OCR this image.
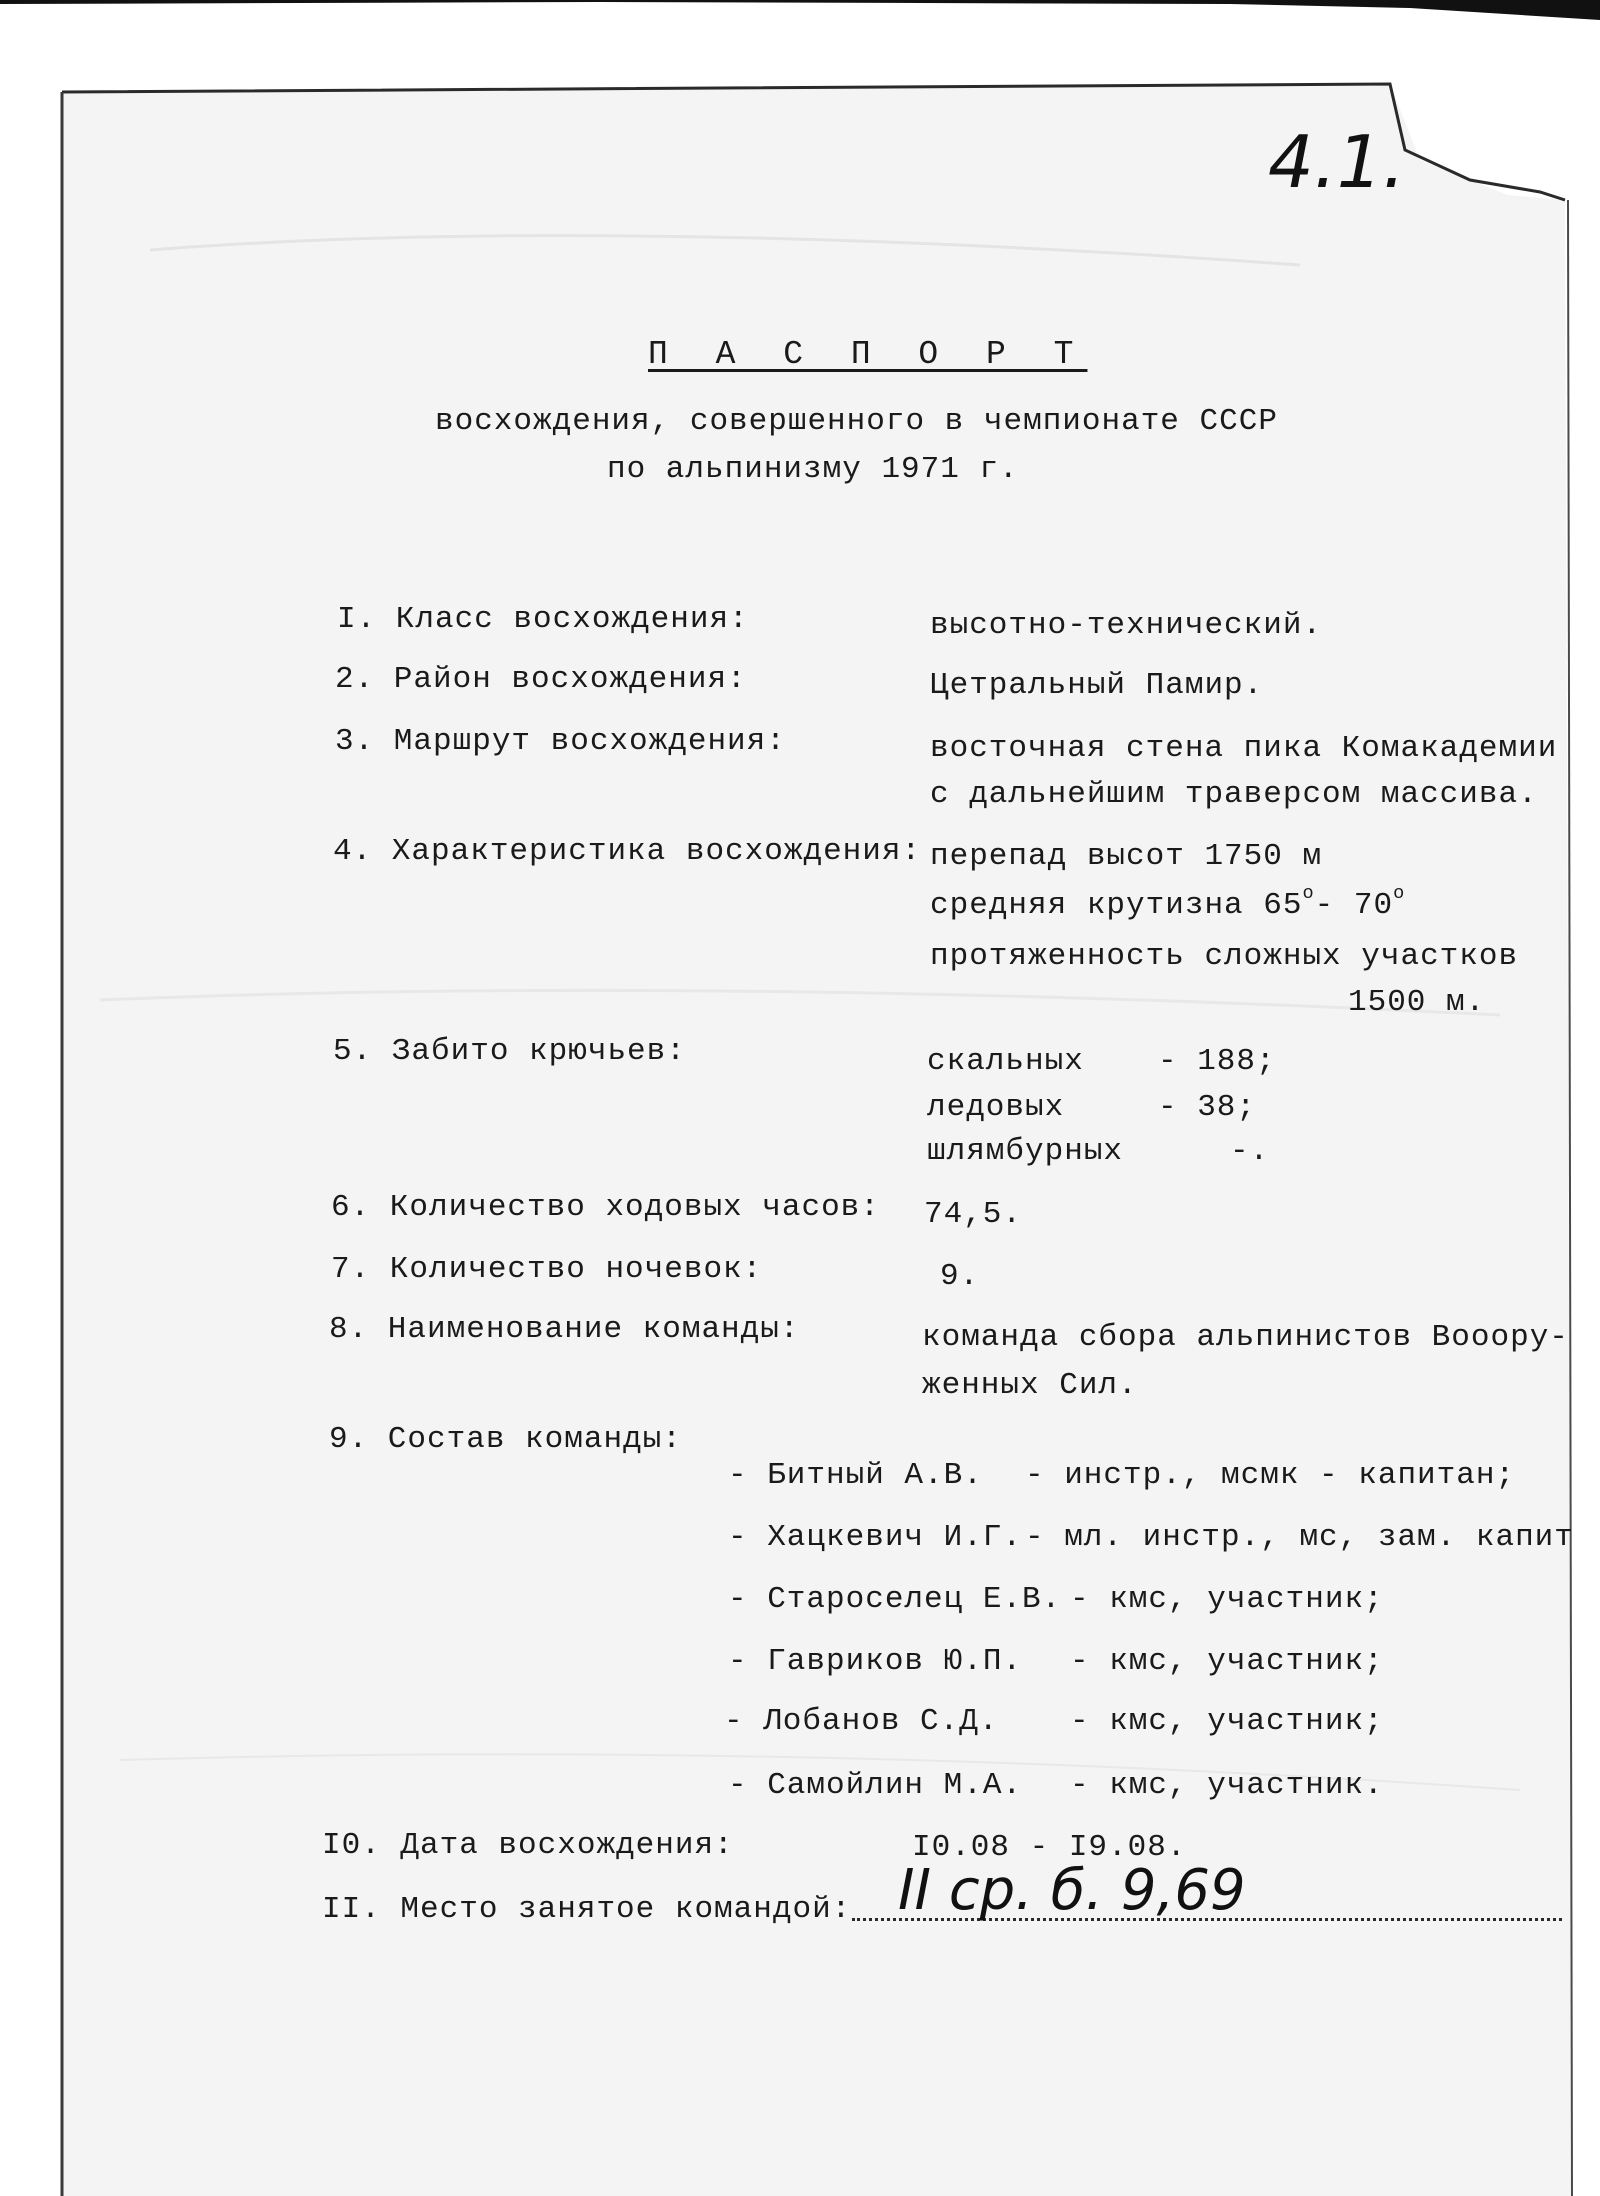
4.1.
П А С П О Р Т
восхождения, совершенного в чемпионате СССР
по альпинизму 1971 г.
I. Класс восхождения:	высотно-технический.
2. Район восхождения:	Цетральный Памир.
3. Маршрут восхождения:	восточная стена пика Комакадемии
с дальнейшим траверсом массива.
4. Характеристика восхождения: перепад высот 1750 м
средняя крутизна $65^о-$ $70^о$
протяженность сложных участков
1500 м.
5. Забито крючьев:	скальных - 188;
ледовых	- 38;
шлямбурных	-.
6. Количество ходовых часов: 74,5.
7. Количество ночевок:	9.
8. Наименование команды:	команда сбора альпинистов Вооору-
женных Сил.
9. Состав команды:
- Битный А.В. - инстр., мсмк - капитан;
- Хацкевич И.Г. - мл. инстр., мс, зам. капит
- Староселец Е.В. - кмс, участник;
- Гавриков Ю.П. - кмс, участник;
- Лобанов С.Д. - кмс, участник;
- Самойлин М.А. - кмс, участник.
I0. Дата восхождения:	I0.08 - I9.08.
II. Место занятое командой: II ср. б. 9,69
